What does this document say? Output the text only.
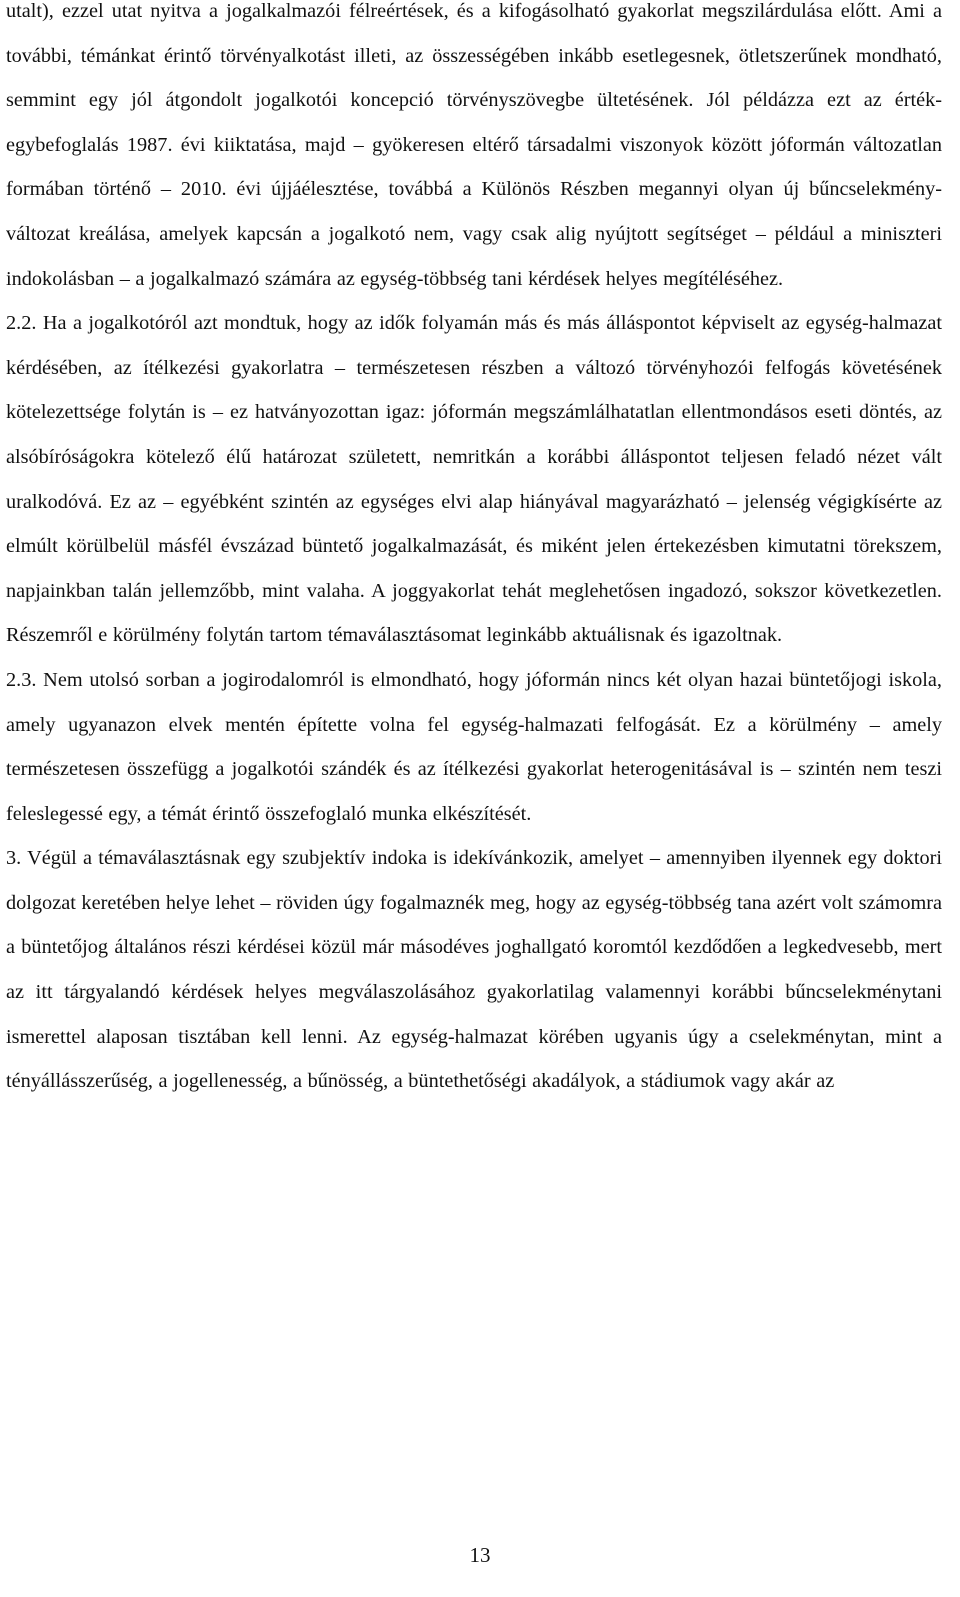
utalt), ezzel utat nyitva a jogalkalmazói félreértések, és a kifogásolható gyakorlat megszilárdulása előtt. Ami a további, témánkat érintő törvényalkotást illeti, az összességében inkább esetlegesnek, ötletszerűnek mondható, semmint egy jól átgondolt jogalkotói koncepció törvényszövegbe ültetésének. Jól példázza ezt az érték-egybefoglalás 1987. évi kiiktatása, majd – gyökeresen eltérő társadalmi viszonyok között jóformán változatlan formában történő – 2010. évi újjáélesztése, továbbá a Különös Részben megannyi olyan új bűncselekmény-változat kreálása, amelyek kapcsán a jogalkotó nem, vagy csak alig nyújtott segítséget – például a miniszteri indokolásban – a jogalkalmazó számára az egység-többség tani kérdések helyes megítéléséhez.

2.2. Ha a jogalkotóról azt mondtuk, hogy az idők folyamán más és más álláspontot képviselt az egység-halmazat kérdésében, az ítélkezési gyakorlatra – természetesen részben a változó törvényhozói felfogás követésének kötelezettsége folytán is – ez hatványozottan igaz: jóformán megszámlálhatatlan ellentmondásos eseti döntés, az alsóbíróságokra kötelező élű határozat született, nemritkán a korábbi álláspontot teljesen feladó nézet vált uralkodóvá. Ez az – egyébként szintén az egységes elvi alap hiányával magyarázható – jelenség végigkísérte az elmúlt körülbelül másfél évszázad büntető jogalkalmazását, és miként jelen értekezésben kimutatni törekszem, napjainkban talán jellemzőbb, mint valaha. A joggyakorlat tehát meglehetősen ingadozó, sokszor következetlen. Részemről e körülmény folytán tartom témaválasztásomat leginkább aktuálisnak és igazoltnak.

2.3. Nem utolsó sorban a jogirodalomról is elmondható, hogy jóformán nincs két olyan hazai büntetőjogi iskola, amely ugyanazon elvek mentén építette volna fel egység-halmazati felfogását. Ez a körülmény – amely természetesen összefügg a jogalkotói szándék és az ítélkezési gyakorlat heterogenitásával is – szintén nem teszi feleslegessé egy, a témát érintő összefoglaló munka elkészítését.

3. Végül a témaválasztásnak egy szubjektív indoka is idekívánkozik, amelyet – amennyiben ilyennek egy doktori dolgozat keretében helye lehet – röviden úgy fogalmaznék meg, hogy az egység-többség tana azért volt számomra a büntetőjog általános részi kérdései közül már másodéves joghallgató koromtól kezdődően a legkedvesebb, mert az itt tárgyalandó kérdések helyes megválaszolásához gyakorlatilag valamennyi korábbi bűncselekménytani ismerettel alaposan tisztában kell lenni. Az egység-halmazat körében ugyanis úgy a cselekménytan, mint a tényállásszerűség, a jogellenesség, a bűnösség, a büntethetőségi akadályok, a stádiumok vagy akár az

13
